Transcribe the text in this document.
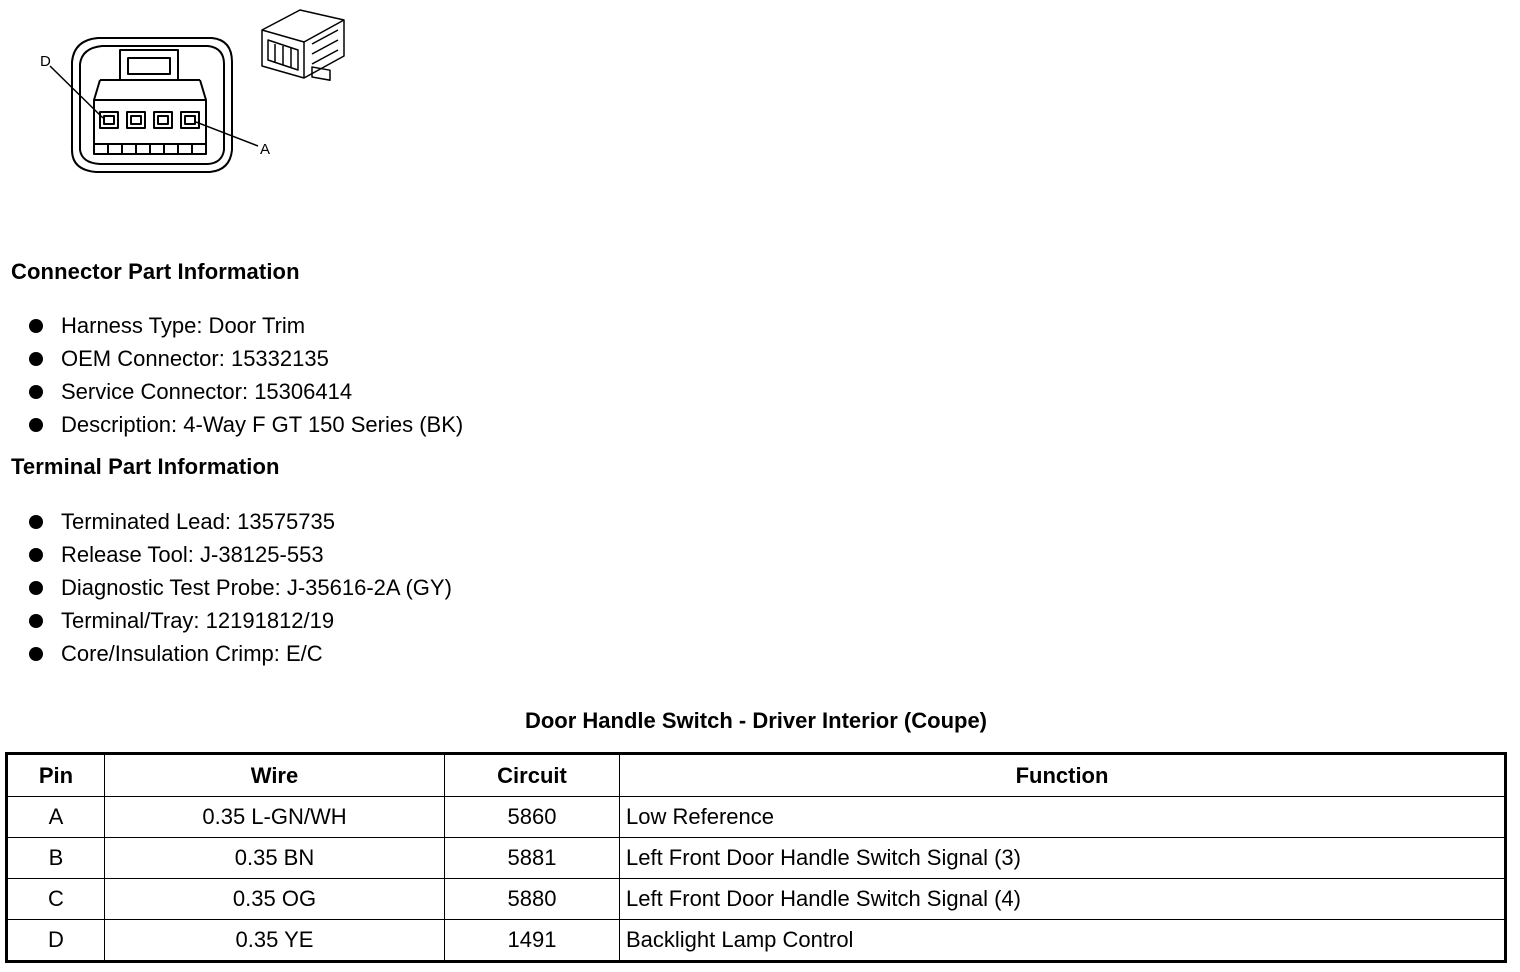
D
A
Connector Part Information
Harness Type: Door Trim
OEM Connector: 15332135
Service Connector: 15306414
Description: 4-Way F GT 150 Series (BK)
Terminal Part Information
Terminated Lead: 13575735
Release Tool: J-38125-553
Diagnostic Test Probe: J-35616-2A (GY)
Terminal/Tray: 12191812/19
Core/Insulation Crimp: E/C
Door Handle Switch - Driver Interior (Coupe)
Pin	Wire	Circuit	Function
A	0.35 L-GN/WH	5860	Low Reference
B	0.35 BN	5881	Left Front Door Handle Switch Signal (3)
C	0.35 OG	5880	Left Front Door Handle Switch Signal (4)
D	0.35 YE	1491	Backlight Lamp Control
